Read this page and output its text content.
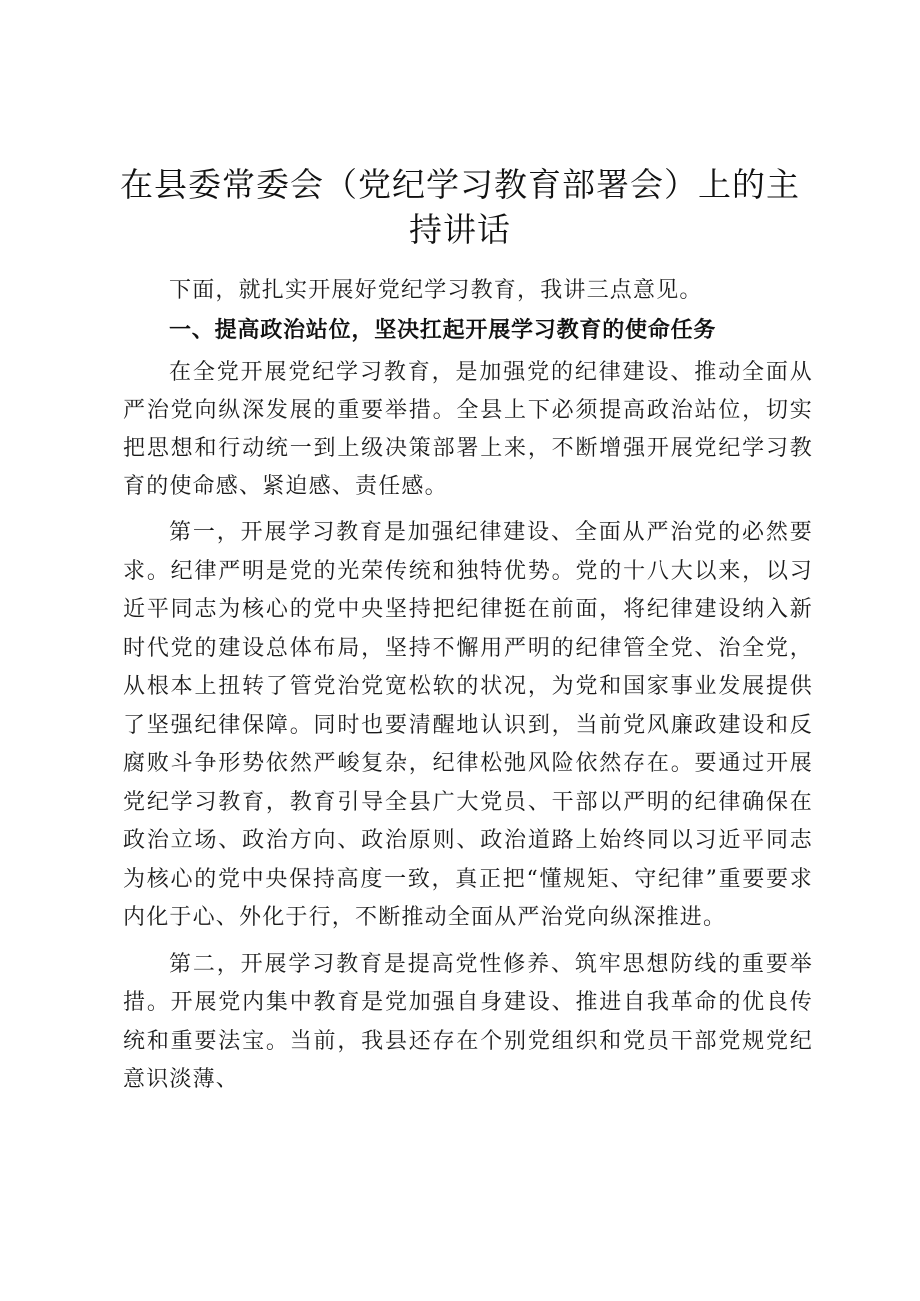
在县委常委会（党纪学习教育部署会）上的主持讲话

下面，就扎实开展好党纪学习教育，我讲三点意见。

一、提高政治站位，坚决扛起开展学习教育的使命任务

在全党开展党纪学习教育，是加强党的纪律建设、推动全面从严治党向纵深发展的重要举措。全县上下必须提高政治站位，切实把思想和行动统一到上级决策部署上来，不断增强开展党纪学习教育的使命感、紧迫感、责任感。

第一，开展学习教育是加强纪律建设、全面从严治党的必然要求。纪律严明是党的光荣传统和独特优势。党的十八大以来，以习近平同志为核心的党中央坚持把纪律挺在前面，将纪律建设纳入新时代党的建设总体布局，坚持不懈用严明的纪律管全党、治全党，从根本上扭转了管党治党宽松软的状况，为党和国家事业发展提供了坚强纪律保障。同时也要清醒地认识到，当前党风廉政建设和反腐败斗争形势依然严峻复杂，纪律松弛风险依然存在。要通过开展党纪学习教育，教育引导全县广大党员、干部以严明的纪律确保在政治立场、政治方向、政治原则、政治道路上始终同以习近平同志为核心的党中央保持高度一致，真正把“懂规矩、守纪律”重要要求内化于心、外化于行，不断推动全面从严治党向纵深推进。

第二，开展学习教育是提高党性修养、筑牢思想防线的重要举措。开展党内集中教育是党加强自身建设、推进自我革命的优良传统和重要法宝。当前，我县还存在个别党组织和党员干部党规党纪意识淡薄、
